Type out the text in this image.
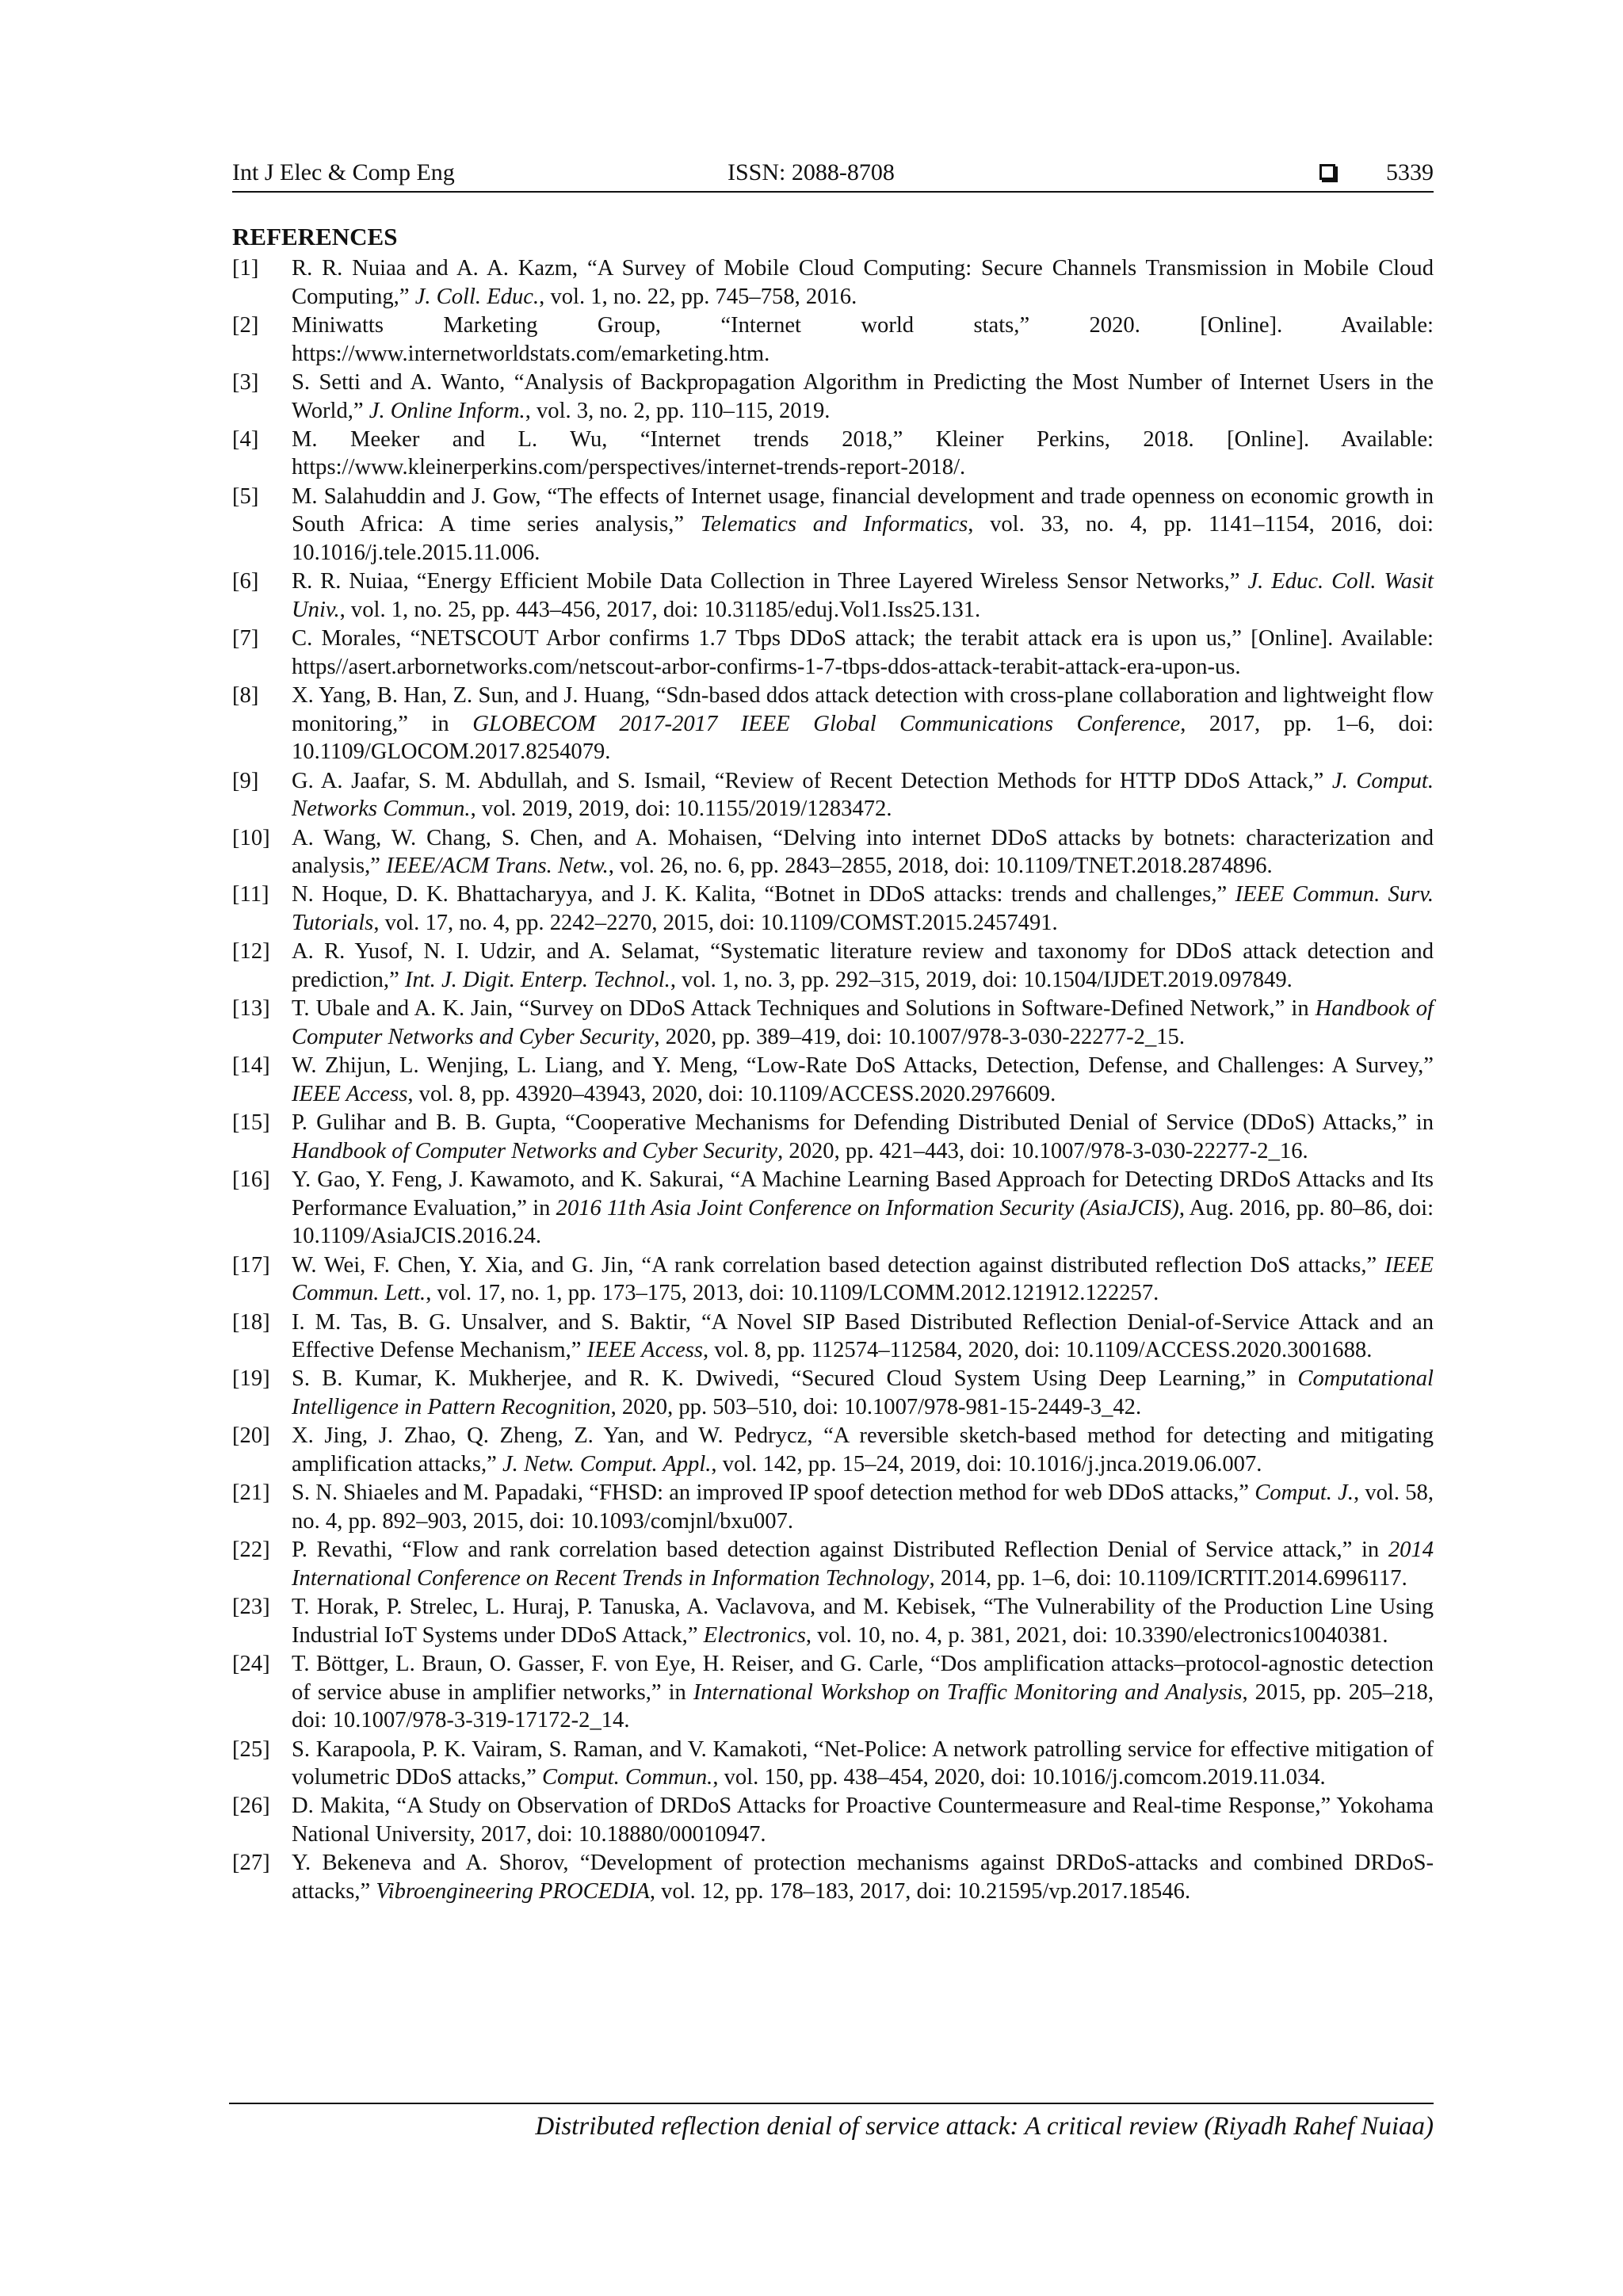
Int J Elec & Comp Eng	ISSN: 2088-8708	5339
REFERENCES
[1]	R. R. Nuiaa and A. A. Kazm, “A Survey of Mobile Cloud Computing: Secure Channels Transmission in Mobile Cloud Computing,” J. Coll. Educ., vol. 1, no. 22, pp. 745–758, 2016.
[2]	Miniwatts Marketing Group, “Internet world stats,” 2020. [Online]. Available: https://www.internetworldstats.com/emarketing.htm.
[3]	S. Setti and A. Wanto, “Analysis of Backpropagation Algorithm in Predicting the Most Number of Internet Users in the World,” J. Online Inform., vol. 3, no. 2, pp. 110–115, 2019.
[4]	M. Meeker and L. Wu, “Internet trends 2018,” Kleiner Perkins, 2018. [Online]. Available: https://www.kleinerperkins.com/perspectives/internet-trends-report-2018/.
[5]	M. Salahuddin and J. Gow, “The effects of Internet usage, financial development and trade openness on economic growth in South Africa: A time series analysis,” Telematics and Informatics, vol. 33, no. 4, pp. 1141–1154, 2016, doi: 10.1016/j.tele.2015.11.006.
[6]	R. R. Nuiaa, “Energy Efficient Mobile Data Collection in Three Layered Wireless Sensor Networks,” J. Educ. Coll. Wasit Univ., vol. 1, no. 25, pp. 443–456, 2017, doi: 10.31185/eduj.Vol1.Iss25.131.
[7]	C. Morales, “NETSCOUT Arbor confirms 1.7 Tbps DDoS attack; the terabit attack era is upon us,” [Online]. Available: https//asert.arbornetworks.com/netscout-arbor-confirms-1-7-tbps-ddos-attack-terabit-attack-era-upon-us.
[8]	X. Yang, B. Han, Z. Sun, and J. Huang, “Sdn-based ddos attack detection with cross-plane collaboration and lightweight flow monitoring,” in GLOBECOM 2017-2017 IEEE Global Communications Conference, 2017, pp. 1–6, doi: 10.1109/GLOCOM.2017.8254079.
[9]	G. A. Jaafar, S. M. Abdullah, and S. Ismail, “Review of Recent Detection Methods for HTTP DDoS Attack,” J. Comput. Networks Commun., vol. 2019, 2019, doi: 10.1155/2019/1283472.
[10] A. Wang, W. Chang, S. Chen, and A. Mohaisen, “Delving into internet DDoS attacks by botnets: characterization and analysis,” IEEE/ACM Trans. Netw., vol. 26, no. 6, pp. 2843–2855, 2018, doi: 10.1109/TNET.2018.2874896.
[11] N. Hoque, D. K. Bhattacharyya, and J. K. Kalita, “Botnet in DDoS attacks: trends and challenges,” IEEE Commun. Surv. Tutorials, vol. 17, no. 4, pp. 2242–2270, 2015, doi: 10.1109/COMST.2015.2457491.
[12] A. R. Yusof, N. I. Udzir, and A. Selamat, “Systematic literature review and taxonomy for DDoS attack detection and prediction,” Int. J. Digit. Enterp. Technol., vol. 1, no. 3, pp. 292–315, 2019, doi: 10.1504/IJDET.2019.097849.
[13] T. Ubale and A. K. Jain, “Survey on DDoS Attack Techniques and Solutions in Software-Defined Network,” in Handbook of Computer Networks and Cyber Security, 2020, pp. 389–419, doi: 10.1007/978-3-030-22277-2_15.
[14] W. Zhijun, L. Wenjing, L. Liang, and Y. Meng, “Low-Rate DoS Attacks, Detection, Defense, and Challenges: A Survey,” IEEE Access, vol. 8, pp. 43920–43943, 2020, doi: 10.1109/ACCESS.2020.2976609.
[15] P. Gulihar and B. B. Gupta, “Cooperative Mechanisms for Defending Distributed Denial of Service (DDoS) Attacks,” in Handbook of Computer Networks and Cyber Security, 2020, pp. 421–443, doi: 10.1007/978-3-030-22277-2_16.
[16] Y. Gao, Y. Feng, J. Kawamoto, and K. Sakurai, “A Machine Learning Based Approach for Detecting DRDoS Attacks and Its Performance Evaluation,” in 2016 11th Asia Joint Conference on Information Security (AsiaJCIS), Aug. 2016, pp. 80–86, doi: 10.1109/AsiaJCIS.2016.24.
[17] W. Wei, F. Chen, Y. Xia, and G. Jin, “A rank correlation based detection against distributed reflection DoS attacks,” IEEE Commun. Lett., vol. 17, no. 1, pp. 173–175, 2013, doi: 10.1109/LCOMM.2012.121912.122257.
[18] I. M. Tas, B. G. Unsalver, and S. Baktir, “A Novel SIP Based Distributed Reflection Denial-of-Service Attack and an Effective Defense Mechanism,” IEEE Access, vol. 8, pp. 112574–112584, 2020, doi: 10.1109/ACCESS.2020.3001688.
[19] S. B. Kumar, K. Mukherjee, and R. K. Dwivedi, “Secured Cloud System Using Deep Learning,” in Computational Intelligence in Pattern Recognition, 2020, pp. 503–510, doi: 10.1007/978-981-15-2449-3_42.
[20] X. Jing, J. Zhao, Q. Zheng, Z. Yan, and W. Pedrycz, “A reversible sketch-based method for detecting and mitigating amplification attacks,” J. Netw. Comput. Appl., vol. 142, pp. 15–24, 2019, doi: 10.1016/j.jnca.2019.06.007.
[21] S. N. Shiaeles and M. Papadaki, “FHSD: an improved IP spoof detection method for web DDoS attacks,” Comput. J., vol. 58, no. 4, pp. 892–903, 2015, doi: 10.1093/comjnl/bxu007.
[22] P. Revathi, “Flow and rank correlation based detection against Distributed Reflection Denial of Service attack,” in 2014 International Conference on Recent Trends in Information Technology, 2014, pp. 1–6, doi: 10.1109/ICRTIT.2014.6996117.
[23] T. Horak, P. Strelec, L. Huraj, P. Tanuska, A. Vaclavova, and M. Kebisek, “The Vulnerability of the Production Line Using Industrial IoT Systems under DDoS Attack,” Electronics, vol. 10, no. 4, p. 381, 2021, doi: 10.3390/electronics10040381.
[24] T. Böttger, L. Braun, O. Gasser, F. von Eye, H. Reiser, and G. Carle, “Dos amplification attacks–protocol-agnostic detection of service abuse in amplifier networks,” in International Workshop on Traffic Monitoring and Analysis, 2015, pp. 205–218, doi: 10.1007/978-3-319-17172-2_14.
[25] S. Karapoola, P. K. Vairam, S. Raman, and V. Kamakoti, “Net-Police: A network patrolling service for effective mitigation of volumetric DDoS attacks,” Comput. Commun., vol. 150, pp. 438–454, 2020, doi: 10.1016/j.comcom.2019.11.034.
[26] D. Makita, “A Study on Observation of DRDoS Attacks for Proactive Countermeasure and Real-time Response,” Yokohama National University, 2017, doi: 10.18880/00010947.
[27] Y. Bekeneva and A. Shorov, “Development of protection mechanisms against DRDoS-attacks and combined DRDoS-attacks,” Vibroengineering PROCEDIA, vol. 12, pp. 178–183, 2017, doi: 10.21595/vp.2017.18546.
Distributed reflection denial of service attack: A critical review (Riyadh Rahef Nuiaa)
